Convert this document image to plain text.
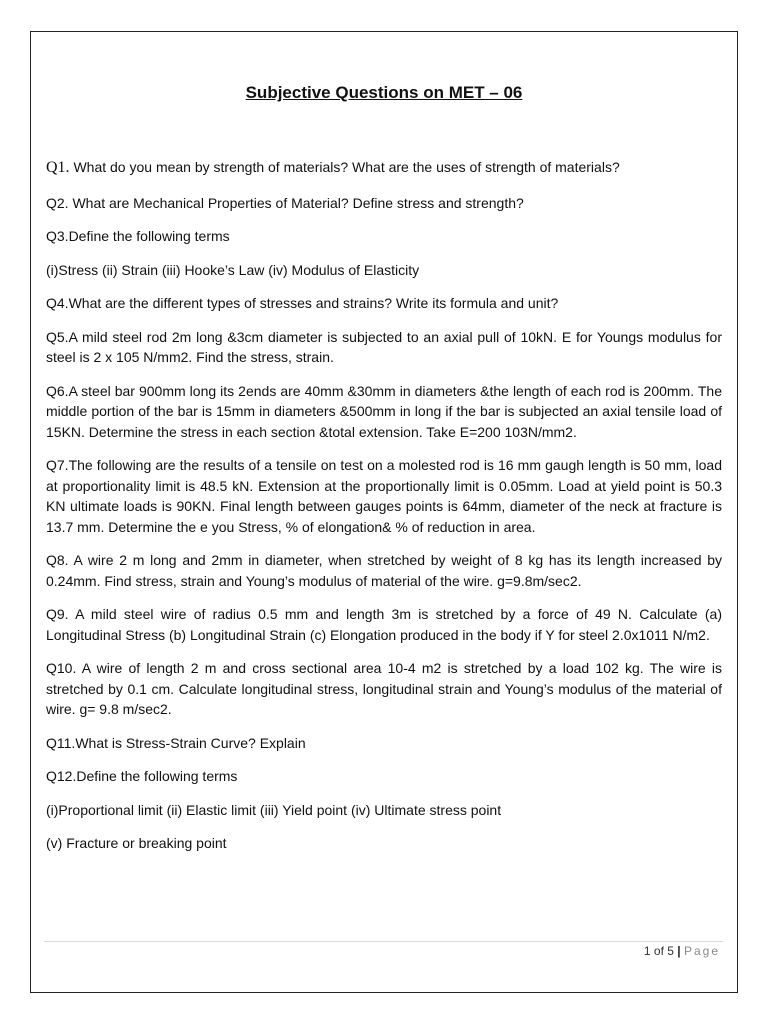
Subjective Questions on MET – 06

Q1. What do you mean by strength of materials? What are the uses of strength of materials?

Q2. What are Mechanical Properties of Material? Define stress and strength?

Q3.Define the following terms

(i)Stress (ii) Strain (iii) Hooke’s Law (iv) Modulus of Elasticity

Q4.What are the different types of stresses and strains? Write its formula and unit?

Q5.A mild steel rod 2m long &3cm diameter is subjected to an axial pull of 10kN. E for Youngs modulus for steel is 2 x 105 N/mm2. Find the stress, strain.

Q6.A steel bar 900mm long its 2ends are 40mm &30mm in diameters &the length of each rod is 200mm. The middle portion of the bar is 15mm in diameters &500mm in long if the bar is subjected an axial tensile load of 15KN. Determine the stress in each section &total extension. Take E=200 103N/mm2.

Q7.The following are the results of a tensile on test on a molested rod is 16 mm gaugh length is 50 mm, load at proportionality limit is 48.5 kN. Extension at the proportionally limit is 0.05mm. Load at yield point is 50.3 KN ultimate loads is 90KN. Final length between gauges points is 64mm, diameter of the neck at fracture is 13.7 mm. Determine the e you Stress, % of elongation& % of reduction in area.

Q8. A wire 2 m long and 2mm in diameter, when stretched by weight of 8 kg has its length increased by 0.24mm. Find stress, strain and Young’s modulus of material of the wire. g=9.8m/sec2.

Q9. A mild steel wire of radius 0.5 mm and length 3m is stretched by a force of 49 N. Calculate (a) Longitudinal Stress (b) Longitudinal Strain (c) Elongation produced in the body if Y for steel 2.0x1011 N/m2.

Q10. A wire of length 2 m and cross sectional area 10-4 m2 is stretched by a load 102 kg. The wire is stretched by 0.1 cm. Calculate longitudinal stress, longitudinal strain and Young’s modulus of the material of wire. g= 9.8 m/sec2.

Q11.What is Stress-Strain Curve? Explain

Q12.Define the following terms

(i)Proportional limit (ii) Elastic limit (iii) Yield point (iv) Ultimate stress point

(v) Fracture or breaking point

1 of 5 | Page
